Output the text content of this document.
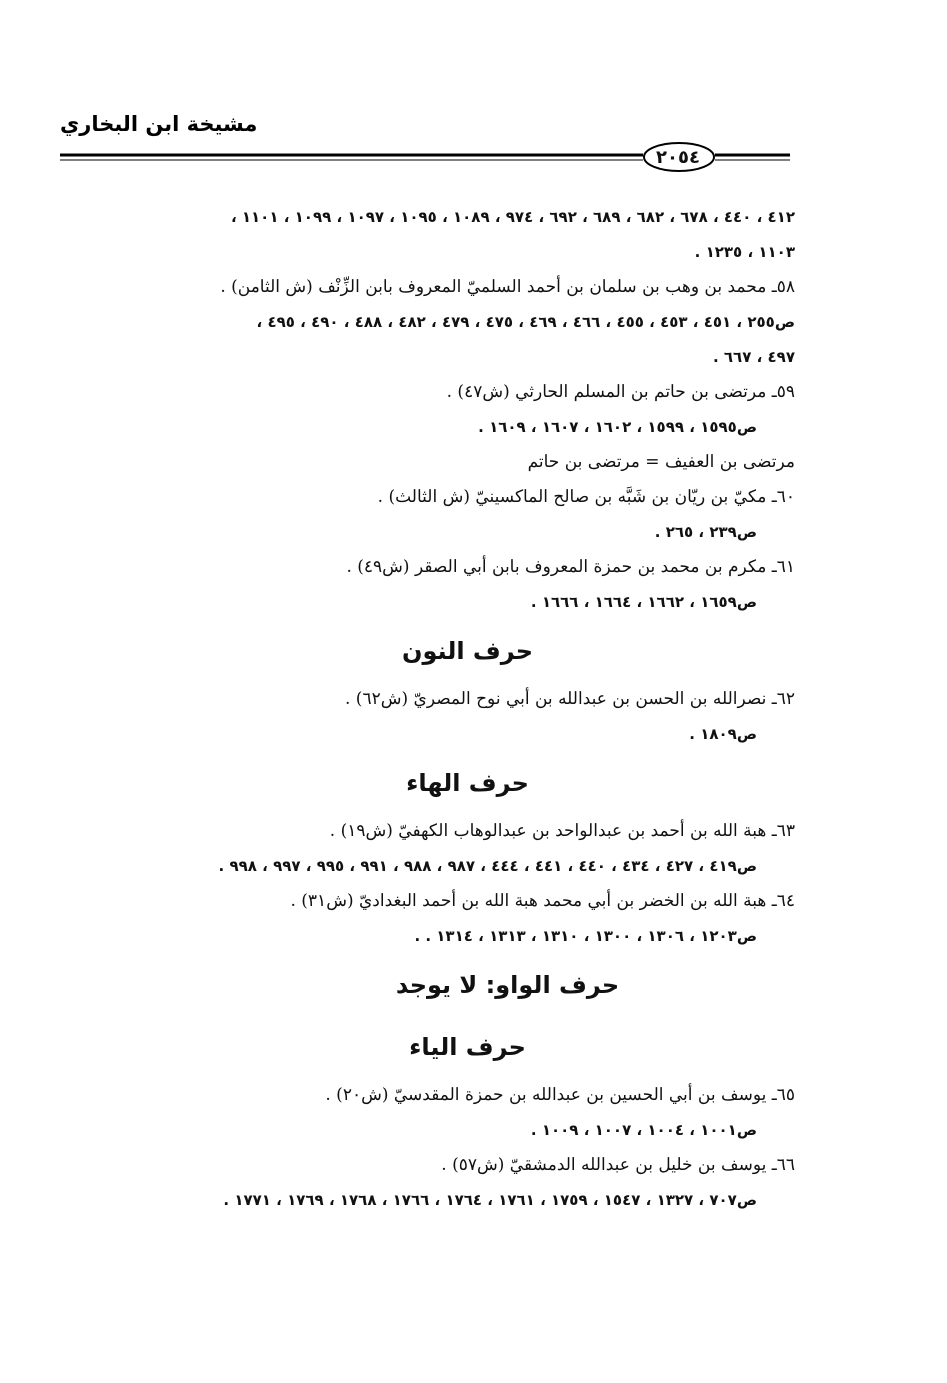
مشيخة ابن البخاري
٢٠٥٤
٤١٢ ، ٤٤٠ ، ٦٧٨ ، ٦٨٢ ، ٦٨٩ ، ٦٩٢ ، ٩٧٤ ، ١٠٨٩ ، ١٠٩٥ ، ١٠٩٧ ، ١٠٩٩ ، ١١٠١ ،
١١٠٣ ، ١٢٣٥ .
٥٨ـ محمد بن وهب بن سلمان بن أحمد السلميّ المعروف بابن الزِّنْف (ش الثامن) .
ص٢٥٥ ، ٤٥١ ، ٤٥٣ ، ٤٥٥ ، ٤٦٦ ، ٤٦٩ ، ٤٧٥ ، ٤٧٩ ، ٤٨٢ ، ٤٨٨ ، ٤٩٠ ، ٤٩٥ ،
٤٩٧ ، ٦٦٧ .
٥٩ـ مرتضى بن حاتم بن المسلم الحارثي (ش٤٧) .
ص١٥٩٥ ، ١٥٩٩ ، ١٦٠٢ ، ١٦٠٧ ، ١٦٠٩ .
مرتضى بن العفيف = مرتضى بن حاتم
٦٠ـ مكيّ بن ريّان بن شَبَّه بن صالح الماكسينيّ (ش الثالث) .
ص٢٣٩ ، ٢٦٥ .
٦١ـ مكرم بن محمد بن حمزة المعروف بابن أبي الصقر (ش٤٩) .
ص١٦٥٩ ، ١٦٦٢ ، ١٦٦٤ ، ١٦٦٦ .
حرف النون
٦٢ـ نصرالله بن الحسن بن عبدالله بن أبي نوح المصريّ (ش٦٢) .
ص١٨٠٩ .
حرف الهاء
٦٣ـ هبة الله بن أحمد بن عبدالواحد بن عبدالوهاب الكهفيّ (ش١٩) .
ص٤١٩ ، ٤٢٧ ، ٤٣٤ ، ٤٤٠ ، ٤٤١ ، ٤٤٤ ، ٩٨٧ ، ٩٨٨ ، ٩٩١ ، ٩٩٥ ، ٩٩٧ ، ٩٩٨ .
٦٤ـ هبة الله بن الخضر بن أبي محمد هبة الله بن أحمد البغداديّ (ش٣١) .
ص١٢٠٣ ، ١٣٠٦ ، ١٣٠٠ ، ١٣١٠ ، ١٣١٣ ، ١٣١٤ . .
حرف الواو: لا يوجد
حرف الياء
٦٥ـ يوسف بن أبي الحسين بن عبدالله بن حمزة المقدسيّ (ش٢٠) .
ص١٠٠١ ، ١٠٠٤ ، ١٠٠٧ ، ١٠٠٩ .
٦٦ـ يوسف بن خليل بن عبدالله الدمشقيّ (ش٥٧) .
ص٧٠٧ ، ١٣٢٧ ، ١٥٤٧ ، ١٧٥٩ ، ١٧٦١ ، ١٧٦٤ ، ١٧٦٦ ، ١٧٦٨ ، ١٧٦٩ ، ١٧٧١ .
